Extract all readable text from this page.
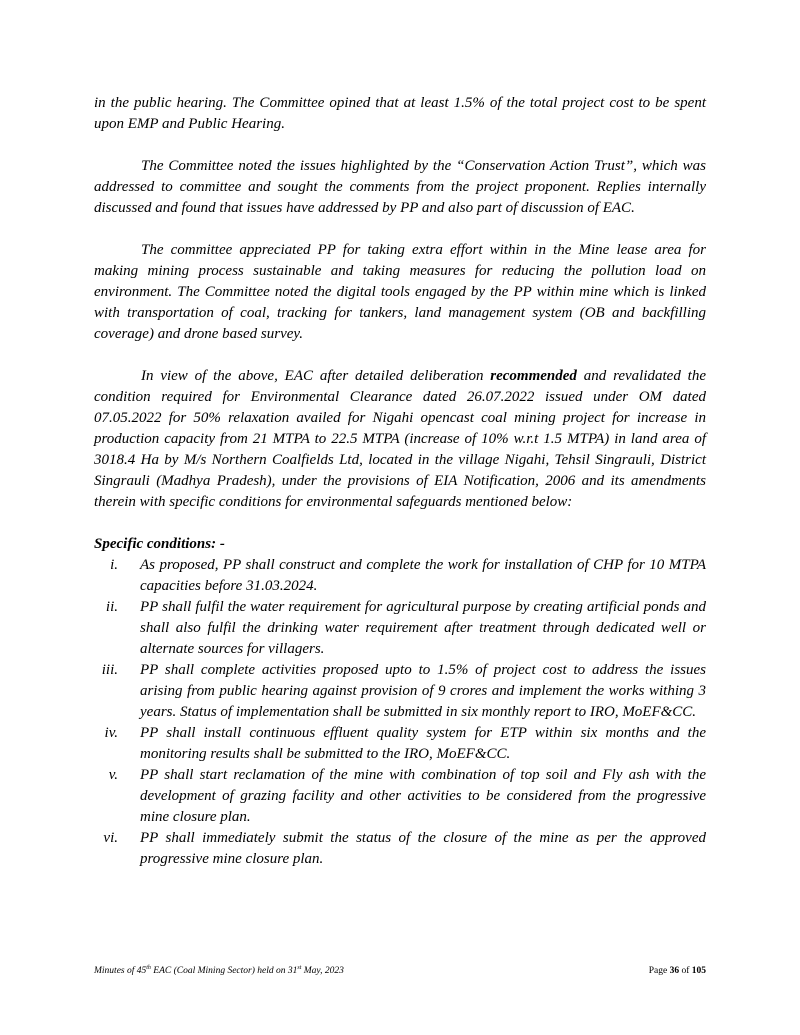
in the public hearing. The Committee opined that at least 1.5% of the total project cost to be spent upon EMP and Public Hearing.

The Committee noted the issues highlighted by the “Conservation Action Trust”, which was addressed to committee and sought the comments from the project proponent. Replies internally discussed and found that issues have addressed by PP and also part of discussion of EAC.

The committee appreciated PP for taking extra effort within in the Mine lease area for making mining process sustainable and taking measures for reducing the pollution load on environment. The Committee noted the digital tools engaged by the PP within mine which is linked with transportation of coal, tracking for tankers, land management system (OB and backfilling coverage) and drone based survey.

In view of the above, EAC after detailed deliberation recommended and revalidated the condition required for Environmental Clearance dated 26.07.2022 issued under OM dated 07.05.2022 for 50% relaxation availed for Nigahi opencast coal mining project for increase in production capacity from 21 MTPA to 22.5 MTPA (increase of 10% w.r.t 1.5 MTPA) in land area of 3018.4 Ha by M/s Northern Coalfields Ltd, located in the village Nigahi, Tehsil Singrauli, District Singrauli (Madhya Pradesh), under the provisions of EIA Notification, 2006 and its amendments therein with specific conditions for environmental safeguards mentioned below:

Specific conditions: -

i. As proposed, PP shall construct and complete the work for installation of CHP for 10 MTPA capacities before 31.03.2024.
ii. PP shall fulfil the water requirement for agricultural purpose by creating artificial ponds and shall also fulfil the drinking water requirement after treatment through dedicated well or alternate sources for villagers.
iii. PP shall complete activities proposed upto to 1.5% of project cost to address the issues arising from public hearing against provision of 9 crores and implement the works withing 3 years. Status of implementation shall be submitted in six monthly report to IRO, MoEF&CC.
iv. PP shall install continuous effluent quality system for ETP within six months and the monitoring results shall be submitted to the IRO, MoEF&CC.
v. PP shall start reclamation of the mine with combination of top soil and Fly ash with the development of grazing facility and other activities to be considered from the progressive mine closure plan.
vi. PP shall immediately submit the status of the closure of the mine as per the approved progressive mine closure plan.
Minutes of 45th EAC (Coal Mining Sector) held on 31st May, 2023	Page 36 of 105
